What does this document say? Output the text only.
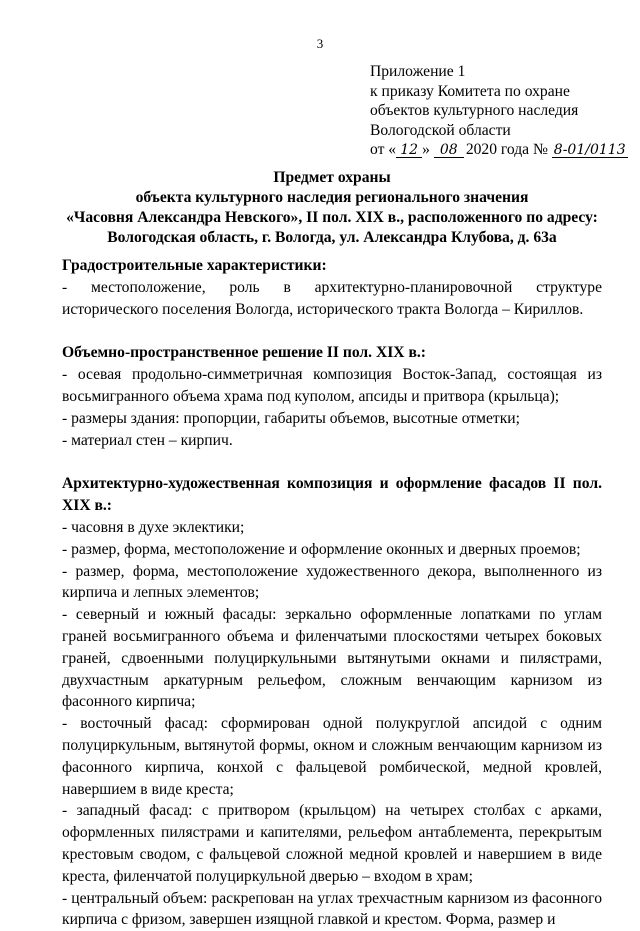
3
Приложение 1
к приказу Комитета по охране
объектов культурного наследия
Вологодской области
от « 12 » 08 2020 года № 8-01/0113
Предмет охраны
объекта культурного наследия регионального значения
«Часовня Александра Невского», II пол. XIX в., расположенного по адресу:
Вологодская область, г. Вологда, ул. Александра Клубова, д. 63а
Градостроительные характеристики:

- местоположение, роль в архитектурно-планировочной структуре исторического поселения Вологда, исторического тракта Вологда – Кириллов.

Объемно-пространственное решение II пол. XIX в.:

- осевая продольно-симметричная композиция Восток-Запад, состоящая из восьмигранного объема храма под куполом, апсиды и притвора (крыльца);

- размеры здания: пропорции, габариты объемов, высотные отметки;

- материал стен – кирпич.

Архитектурно-художественная композиция и оформление фасадов II пол. XIX в.:

- часовня в духе эклектики;

- размер, форма, местоположение и оформление оконных и дверных проемов;

- размер, форма, местоположение художественного декора, выполненного из кирпича и лепных элементов;

- северный и южный фасады: зеркально оформленные лопатками по углам граней восьмигранного объема и филенчатыми плоскостями четырех боковых граней, сдвоенными полуциркульными вытянутыми окнами и пилястрами, двухчастным аркатурным рельефом, сложным венчающим карнизом из фасонного кирпича;

- восточный фасад: сформирован одной полукруглой апсидой с одним полуциркульным, вытянутой формы, окном и сложным венчающим карнизом из фасонного кирпича, конхой с фальцевой ромбической, медной кровлей, навершием в виде креста;

- западный фасад: с притвором (крыльцом) на четырех столбах с арками, оформленных пилястрами и капителями, рельефом антаблемента, перекрытым крестовым сводом, с фальцевой сложной медной кровлей и навершием в виде креста, филенчатой полуциркульной дверью – входом в храм;

- центральный объем: раскрепован на углах трехчастным карнизом из фасонного кирпича с фризом, завершен изящной главкой и крестом. Форма, размер и
